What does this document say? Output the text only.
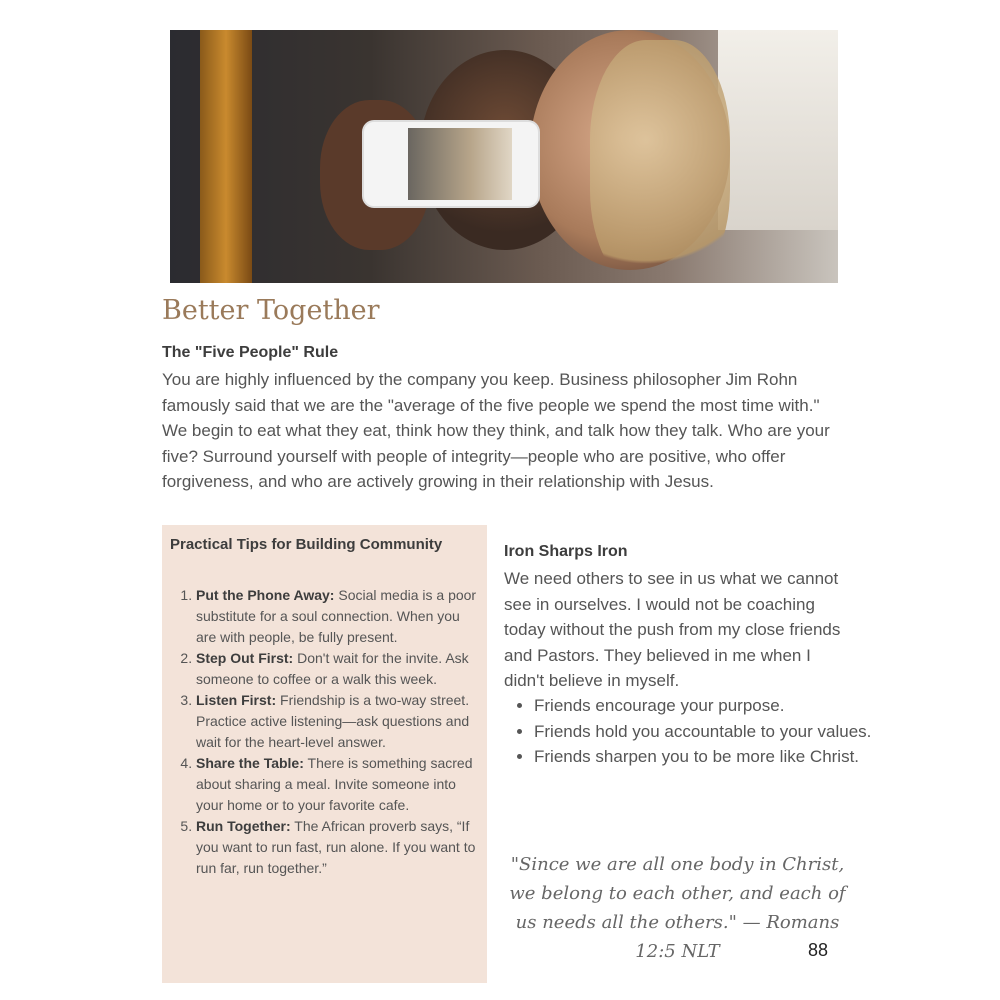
Better Together
The "Five People" Rule

You are highly influenced by the company you keep. Business philosopher Jim Rohn famously said that we are the "average of the five people we spend the most time with." We begin to eat what they eat, think how they think, and talk how they talk. Who are your five? Surround yourself with people of integrity—people who are positive, who offer forgiveness, and who are actively growing in their relationship with Jesus.

Practical Tips for Building Community
1. Put the Phone Away: Social media is a poor substitute for a soul connection. When you are with people, be fully present.
2. Step Out First: Don't wait for the invite. Ask someone to coffee or a walk this week.
3. Listen First: Friendship is a two-way street. Practice active listening—ask questions and wait for the heart-level answer.
4. Share the Table: There is something sacred about sharing a meal. Invite someone into your home or to your favorite cafe.
5. Run Together: The African proverb says, “If you want to run fast, run alone. If you want to run far, run together.”
Iron Sharps Iron

We need others to see in us what we cannot see in ourselves. I would not be coaching today without the push from my close friends and Pastors. They believed in me when I didn't believe in myself.

• Friends encourage your purpose.
• Friends hold you accountable to your values.
• Friends sharpen you to be more like Christ.

"Since we are all one body in Christ, we belong to each other, and each of us needs all the others." — Romans 12:5 NLT	88
